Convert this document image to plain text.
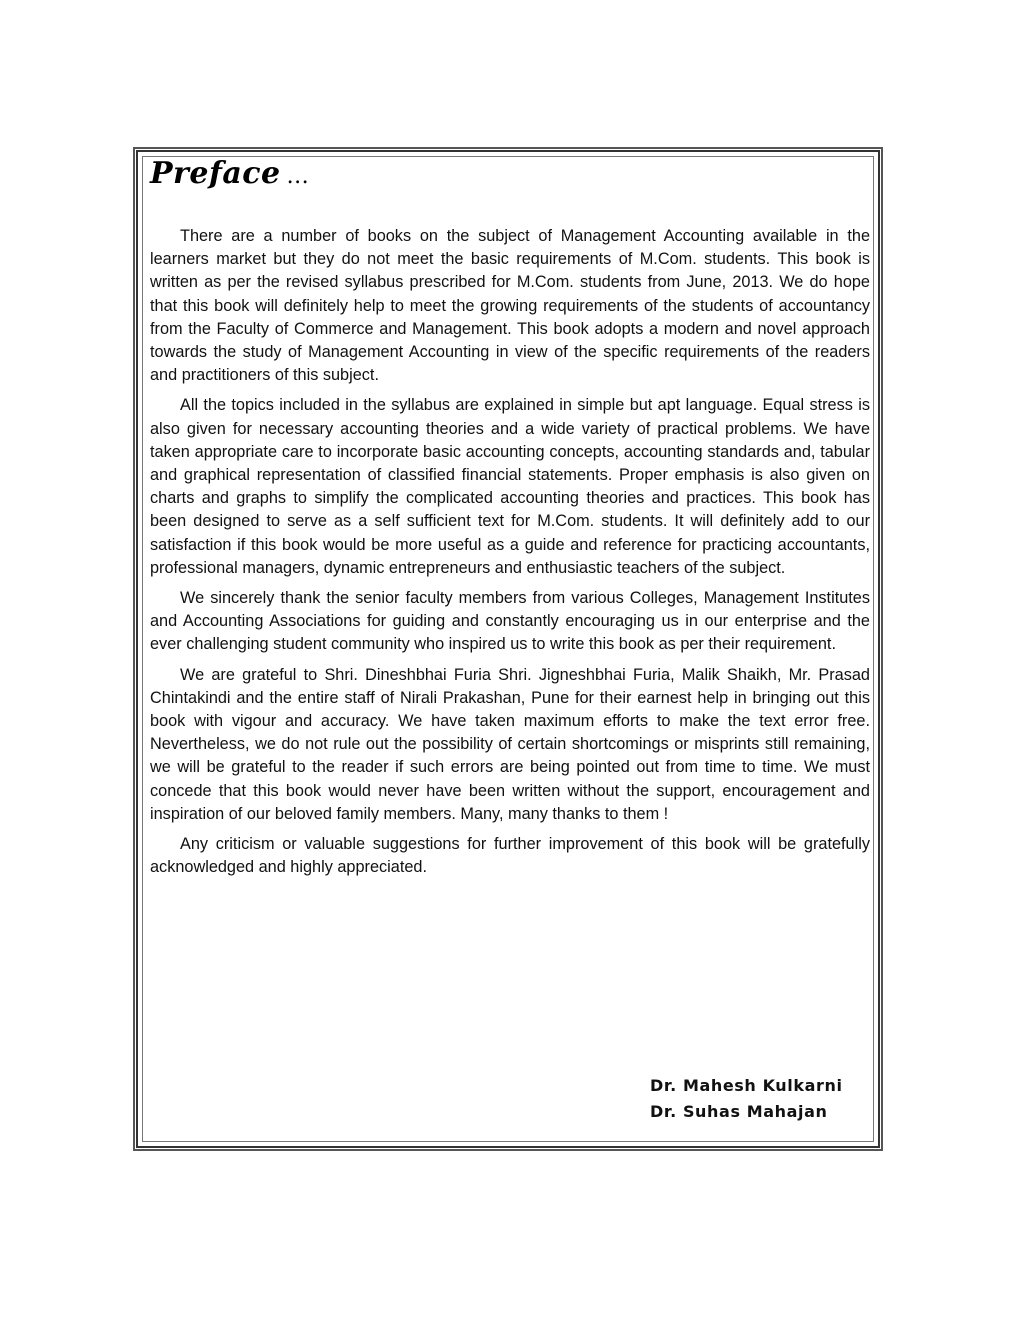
Preface ...

There are a number of books on the subject of Management Accounting available in the learners market but they do not meet the basic requirements of M.Com. students. This book is written as per the revised syllabus prescribed for M.Com. students from June, 2013. We do hope that this book will definitely help to meet the growing requirements of the students of accountancy from the Faculty of Commerce and Management. This book adopts a modern and novel approach towards the study of Management Accounting in view of the specific requirements of the readers and practitioners of this subject.

All the topics included in the syllabus are explained in simple but apt language. Equal stress is also given for necessary accounting theories and a wide variety of practical problems. We have taken appropriate care to incorporate basic accounting concepts, accounting standards and, tabular and graphical representation of classified financial statements. Proper emphasis is also given on charts and graphs to simplify the complicated accounting theories and practices. This book has been designed to serve as a self sufficient text for M.Com. students. It will definitely add to our satisfaction if this book would be more useful as a guide and reference for practicing accountants, professional managers, dynamic entrepreneurs and enthusiastic teachers of the subject.

We sincerely thank the senior faculty members from various Colleges, Management Institutes and Accounting Associations for guiding and constantly encouraging us in our enterprise and the ever challenging student community who inspired us to write this book as per their requirement.

We are grateful to Shri. Dineshbhai Furia Shri. Jigneshbhai Furia, Malik Shaikh, Mr. Prasad Chintakindi and the entire staff of Nirali Prakashan, Pune for their earnest help in bringing out this book with vigour and accuracy. We have taken maximum efforts to make the text error free. Nevertheless, we do not rule out the possibility of certain shortcomings or misprints still remaining, we will be grateful to the reader if such errors are being pointed out from time to time. We must concede that this book would never have been written without the support, encouragement and inspiration of our beloved family members. Many, many thanks to them !

Any criticism or valuable suggestions for further improvement of this book will be gratefully acknowledged and highly appreciated.

Dr. Mahesh Kulkarni
Dr. Suhas Mahajan
